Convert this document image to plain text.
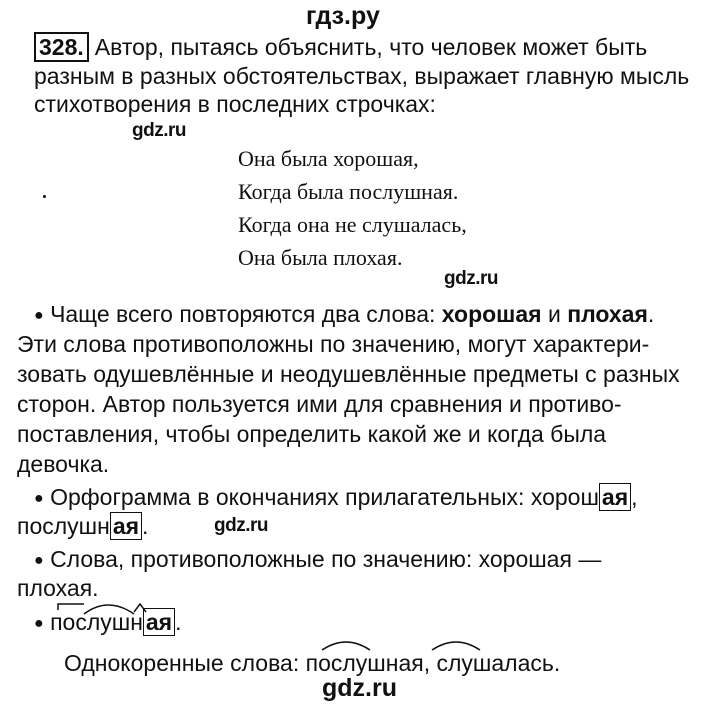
гдз.ру
328. Автор, пытаясь объяснить, что человек может быть
разным в разных обстоятельствах, выражает главную мысль
стихотворения в последних строчках:
gdz.ru
Она была хорошая,
Когда была послушная.
Когда она не слушалась,
Она была плохая.
gdz.ru
● Чаще всего повторяются два слова: хорошая и плохая.
Эти слова противоположны по значению, могут характери-
зовать одушевлённые и неодушевлённые предметы с разных
сторон. Автор пользуется ими для сравнения и противо-
поставления, чтобы определить какой же и когда была
девочка.
● Орфограмма в окончаниях прилагательных: хорош ая ,
послушн ая .	gdz.ru
● Слова, противоположные по значению: хорошая —
плохая.
● послушн ая .
Однокоренные слова: послушная, слушалась.
gdz.ru
